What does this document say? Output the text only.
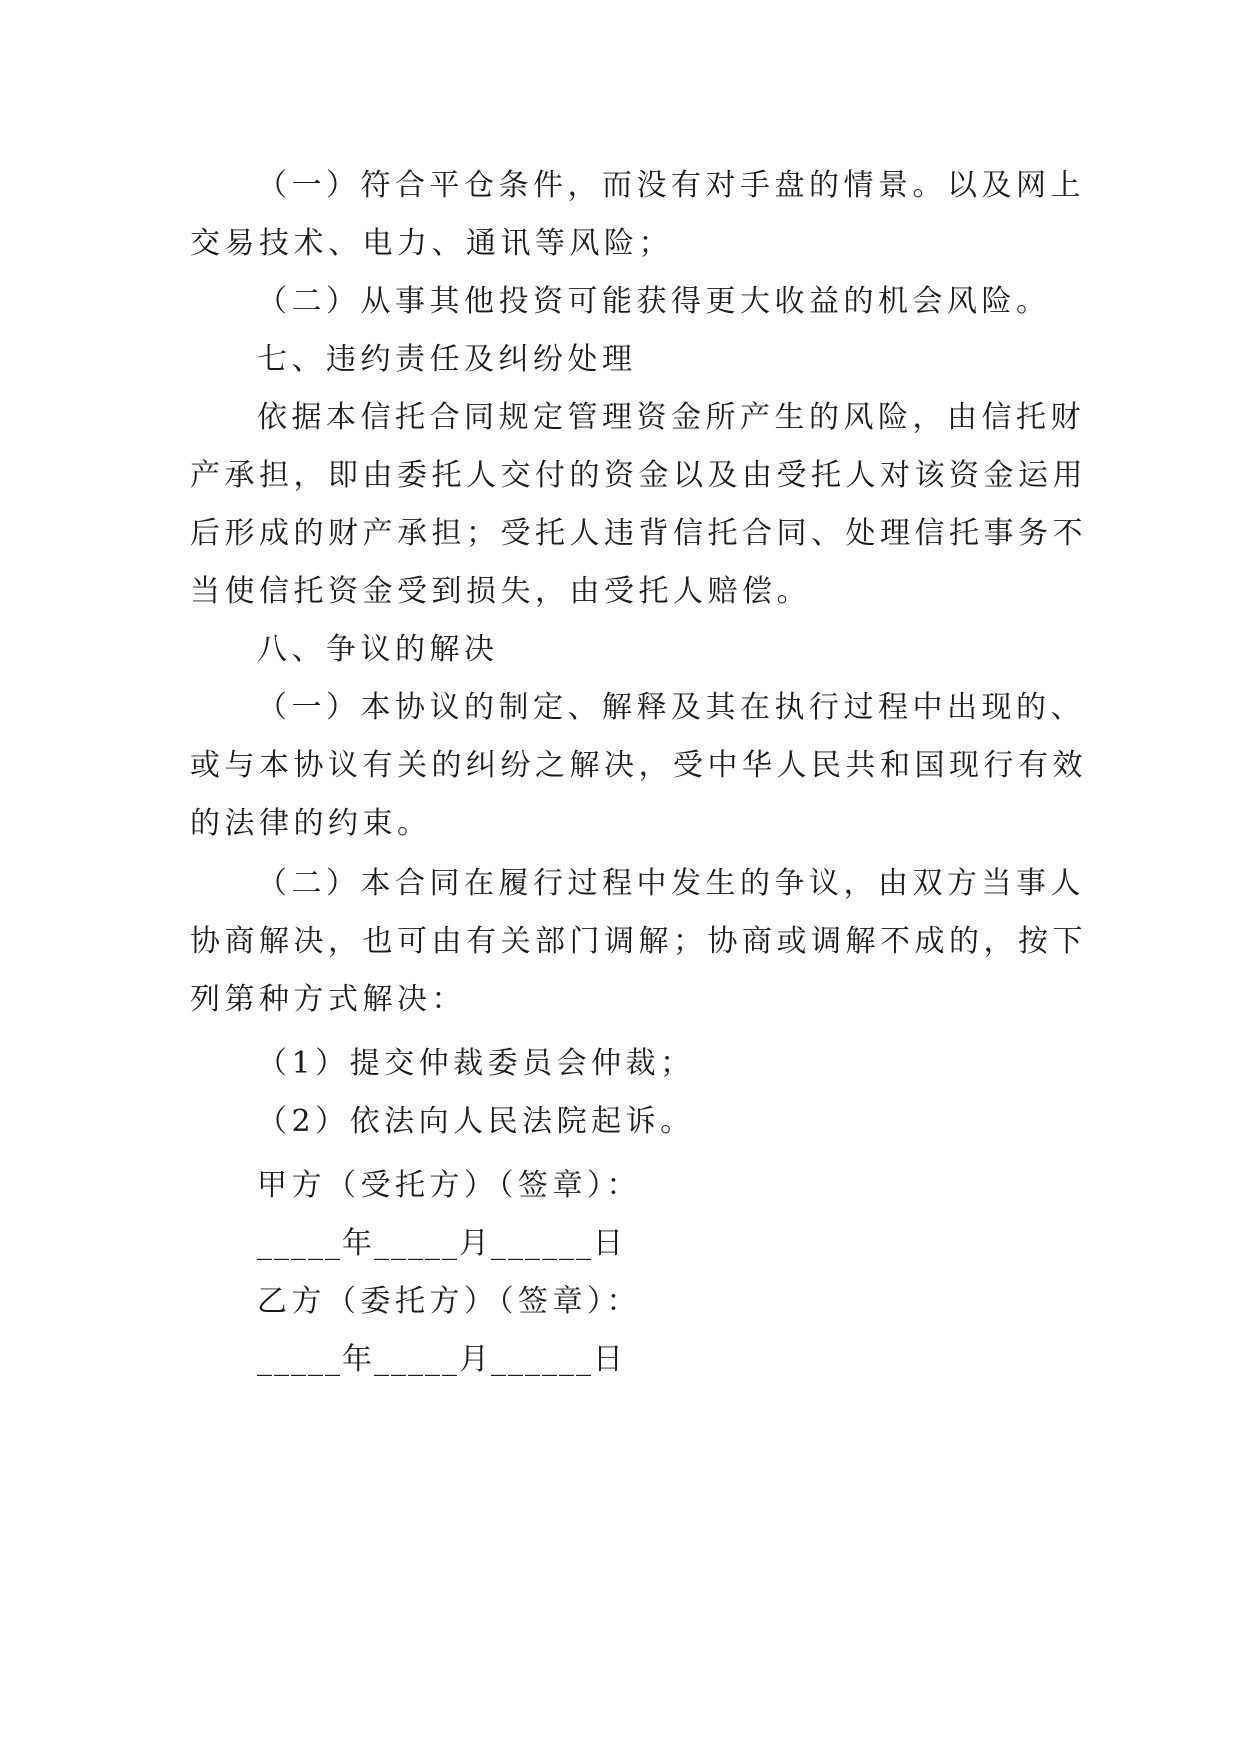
（一）符合平仓条件，而没有对手盘的情景。以及网上
交易技术、电力、通讯等风险；
（二）从事其他投资可能获得更大收益的机会风险。
七、违约责任及纠纷处理
依据本信托合同规定管理资金所产生的风险，由信托财
产承担，即由委托人交付的资金以及由受托人对该资金运用
后形成的财产承担；受托人违背信托合同、处理信托事务不
当使信托资金受到损失，由受托人赔偿。
八、争议的解决
（一）本协议的制定、解释及其在执行过程中出现的、
或与本协议有关的纠纷之解决，受中华人民共和国现行有效
的法律的约束。
（二）本合同在履行过程中发生的争议，由双方当事人
协商解决，也可由有关部门调解；协商或调解不成的，按下
列第种方式解决：
（1）提交仲裁委员会仲裁；
（2）依法向人民法院起诉。
甲方（受托方）（签章）：
_____年_____月______日
乙方（委托方）（签章）：
_____年_____月______日
